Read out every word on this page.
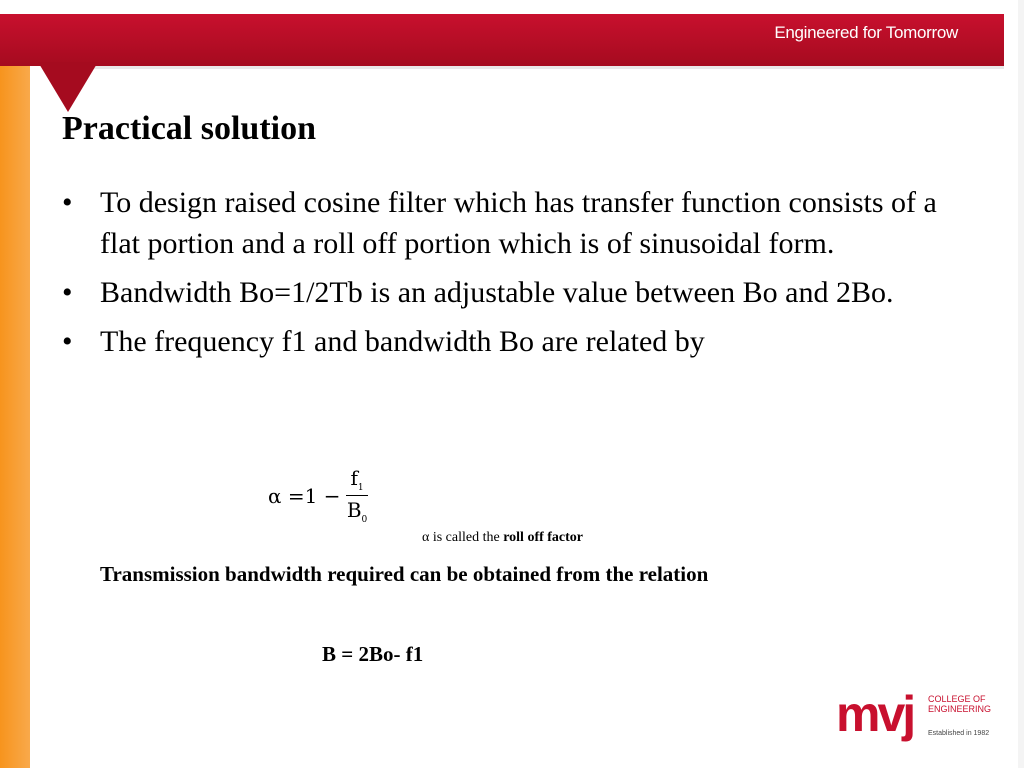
Engineered for Tomorrow
Practical solution
• To design raised cosine filter which has transfer function consists of a flat portion and a roll off portion which is of sinusoidal form.
• Bandwidth Bo=1/2Tb is an adjustable value between Bo and 2Bo.
• The frequency f1 and bandwidth Bo are related by
$\alpha =1 - \frac{f_1}{B_0}$
α is called the roll off factor
Transmission bandwidth required can be obtained from the relation
B = 2Bo- f1
mvj COLLEGE OF
ENGINEERING
Established in 1982
